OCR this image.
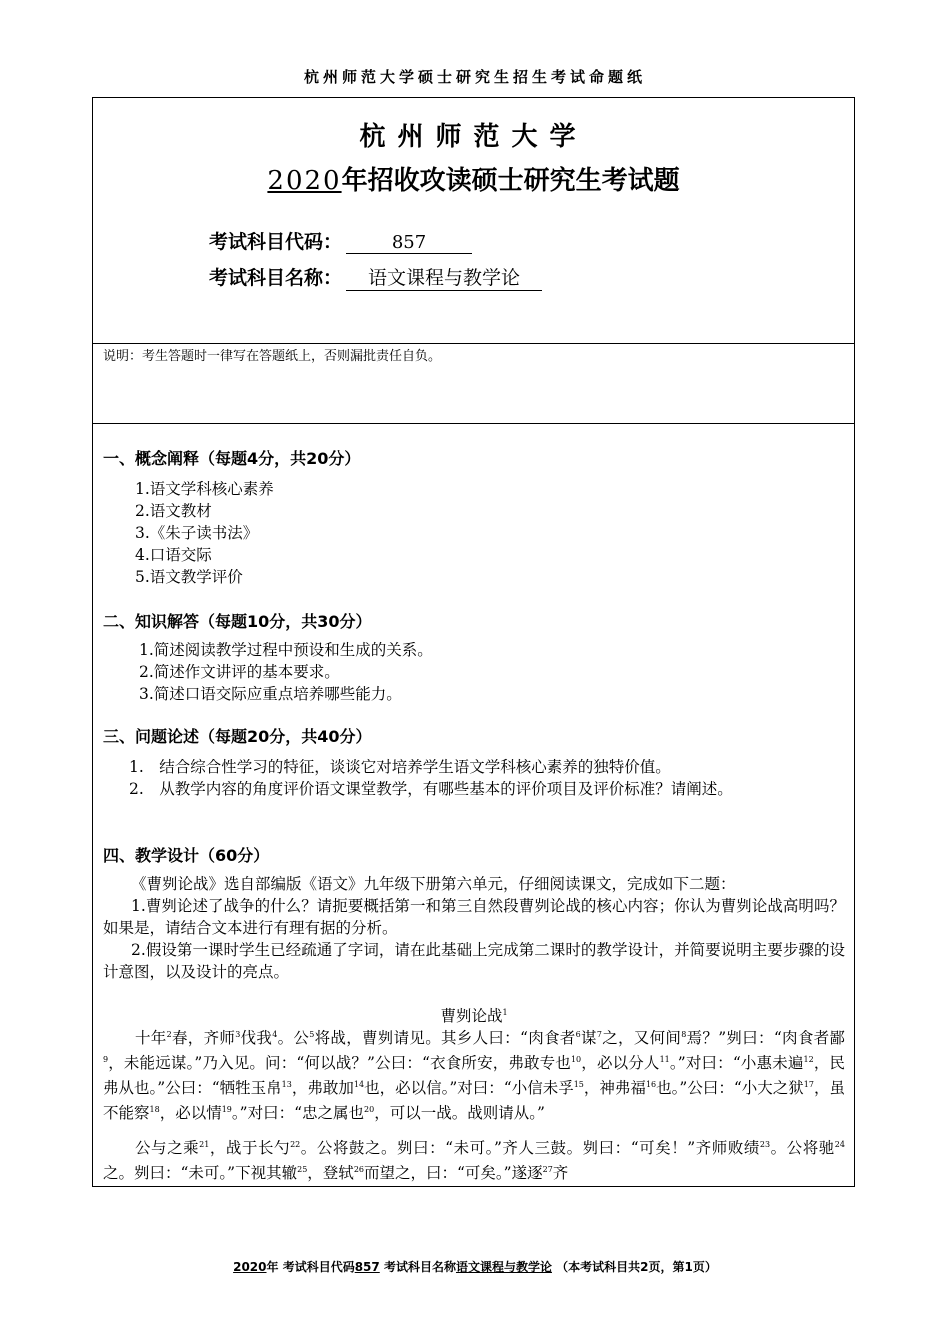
杭州师范大学硕士研究生招生考试命题纸
杭州师范大学
2020年招收攻读硕士研究生考试题
考试科目代码：	857
考试科目名称： 语文课程与教学论
说明：考生答题时一律写在答题纸上，否则漏批责任自负。
一、概念阐释（每题4分，共20分）
1.语文学科核心素养
2.语文教材
3.《朱子读书法》
4.口语交际
5.语文教学评价
二、知识解答（每题10分，共30分）
1.简述阅读教学过程中预设和生成的关系。
2.简述作文讲评的基本要求。
3.简述口语交际应重点培养哪些能力。
三、问题论述（每题20分，共40分）
1.　结合综合性学习的特征，谈谈它对培养学生语文学科核心素养的独特价值。
2.　从教学内容的角度评价语文课堂教学，有哪些基本的评价项目及评价标准？请阐述。
四、教学设计（60分）
《曹刿论战》选自部编版《语文》九年级下册第六单元，仔细阅读课文，完成如下二题：
1.曹刿论述了战争的什么？请扼要概括第一和第三自然段曹刿论战的核心内容；你认为曹刿论战高明吗？如果是，请结合文本进行有理有据的分析。
2.假设第一课时学生已经疏通了字词，请在此基础上完成第二课时的教学设计，并简要说明主要步骤的设计意图，以及设计的亮点。
曹刿论战$^1$
十年$^2$春，齐师$^3$伐我$^4$。公$^5$将战，曹刿请见。其乡人曰：“肉食者$^6$谋$^7$之，又何间$^8$焉？”刿曰：“肉食者鄙$^9$，未能远谋。”乃入见。问：“何以战？”公曰：“衣食所安，弗敢专也$^{10}$，必以分人$^{11}$。”对曰：“小惠未遍$^{12}$，民弗从也。”公曰：“牺牲玉帛$^{13}$，弗敢加$^{14}$也，必以信。”对曰：“小信未孚$^{15}$，神弗福$^{16}$也。”公曰：“小大之狱$^{17}$，虽不能察$^{18}$，必以情$^{19}$。”对曰：“忠之属也$^{20}$，可以一战。战则请从。”
公与之乘$^{21}$，战于长勺$^{22}$。公将鼓之。刿曰：“未可。”齐人三鼓。刿曰：“可矣！”齐师败绩$^{23}$。公将驰$^{24}$之。刿曰：“未可。”下视其辙$^{25}$，登轼$^{26}$而望之，曰：“可矣。”遂逐$^{27}$齐
2020年 考试科目代码857 考试科目名称语文课程与教学论 （本考试科目共2页，第1页）
